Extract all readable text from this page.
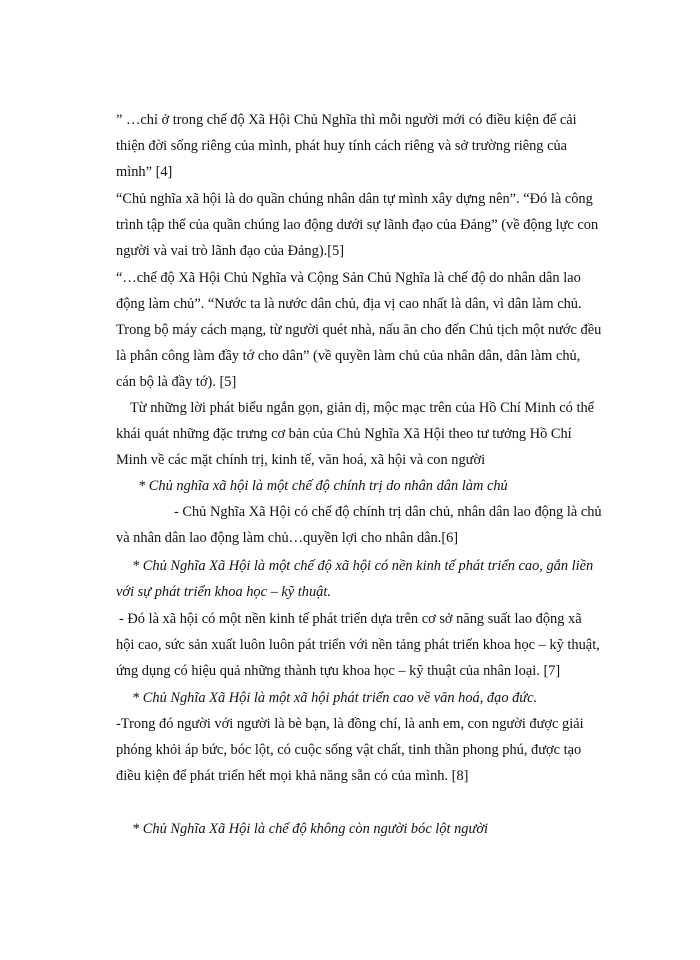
” …chỉ ở trong chế độ Xã Hội Chủ Nghĩa thì mỗi người mới có điều kiện để cải
thiện đời sống riêng của mình, phát huy tính cách riêng và sở trường riêng của
mình” [4]
“Chủ nghĩa xã hội là do quần chúng nhân dân tự mình xây dựng nên”. “Đó là công
trình tập thể của quần chúng lao động dưới sự lãnh đạo của Đảng” (về động lực con
người và vai trò lãnh đạo của Đảng).[5]
“…chế độ Xã Hội Chủ Nghĩa và Cộng Sản Chủ Nghĩa là chế độ do nhân dân lao
động làm chủ”. “Nước ta là nước dân chủ, địa vị cao nhất là dân, vì dân làm chủ.
Trong bộ máy cách mạng, từ người quét nhà, nấu ăn cho đến Chủ tịch một nước đều
là phân công làm đầy tớ cho dân” (về quyền làm chủ của nhân dân, dân làm chủ,
cán bộ là đầy tớ). [5]
Từ những lời phát biểu ngắn gọn, giản dị, mộc mạc trên của Hồ Chí Minh có thể
khái quát những đặc trưng cơ bản của Chủ Nghĩa Xã Hội theo tư tưởng Hồ Chí
Minh về các mặt chính trị, kinh tế, văn hoá, xã hội và con người
* Chủ nghĩa xã hội là một chế độ chính trị do nhân dân làm chủ
- Chủ Nghĩa Xã Hội có chế độ chính trị dân chủ, nhân dân lao động là chủ
và nhân dân lao động làm chủ…quyền lợi cho nhân dân.[6]
* Chủ Nghĩa Xã Hội là một chế độ xã hội có nền kinh tế phát triển cao, gắn liền
với sự phát triển khoa học – kỹ thuật.
- Đó là xã hội có một nền kinh tế phát triển dựa trên cơ sở năng suất lao động xã
hội cao, sức sản xuất luôn luôn pát triển với nền tảng phát triển khoa học – kỹ thuật,
ứng dụng có hiệu quả những thành tựu khoa học – kỹ thuật của nhân loại. [7]
* Chủ Nghĩa Xã Hội là một xã hội phát triển cao về văn hoá, đạo đức.
-Trong đó người với người là bè bạn, là đồng chí, là anh em, con người được giải
phóng khỏi áp bức, bóc lột, có cuộc sống vật chất, tinh thần phong phú, được tạo
điều kiện để phát triển hết mọi khả năng sẵn có của mình. [8]
* Chủ Nghĩa Xã Hội là chế độ không còn người bóc lột người
